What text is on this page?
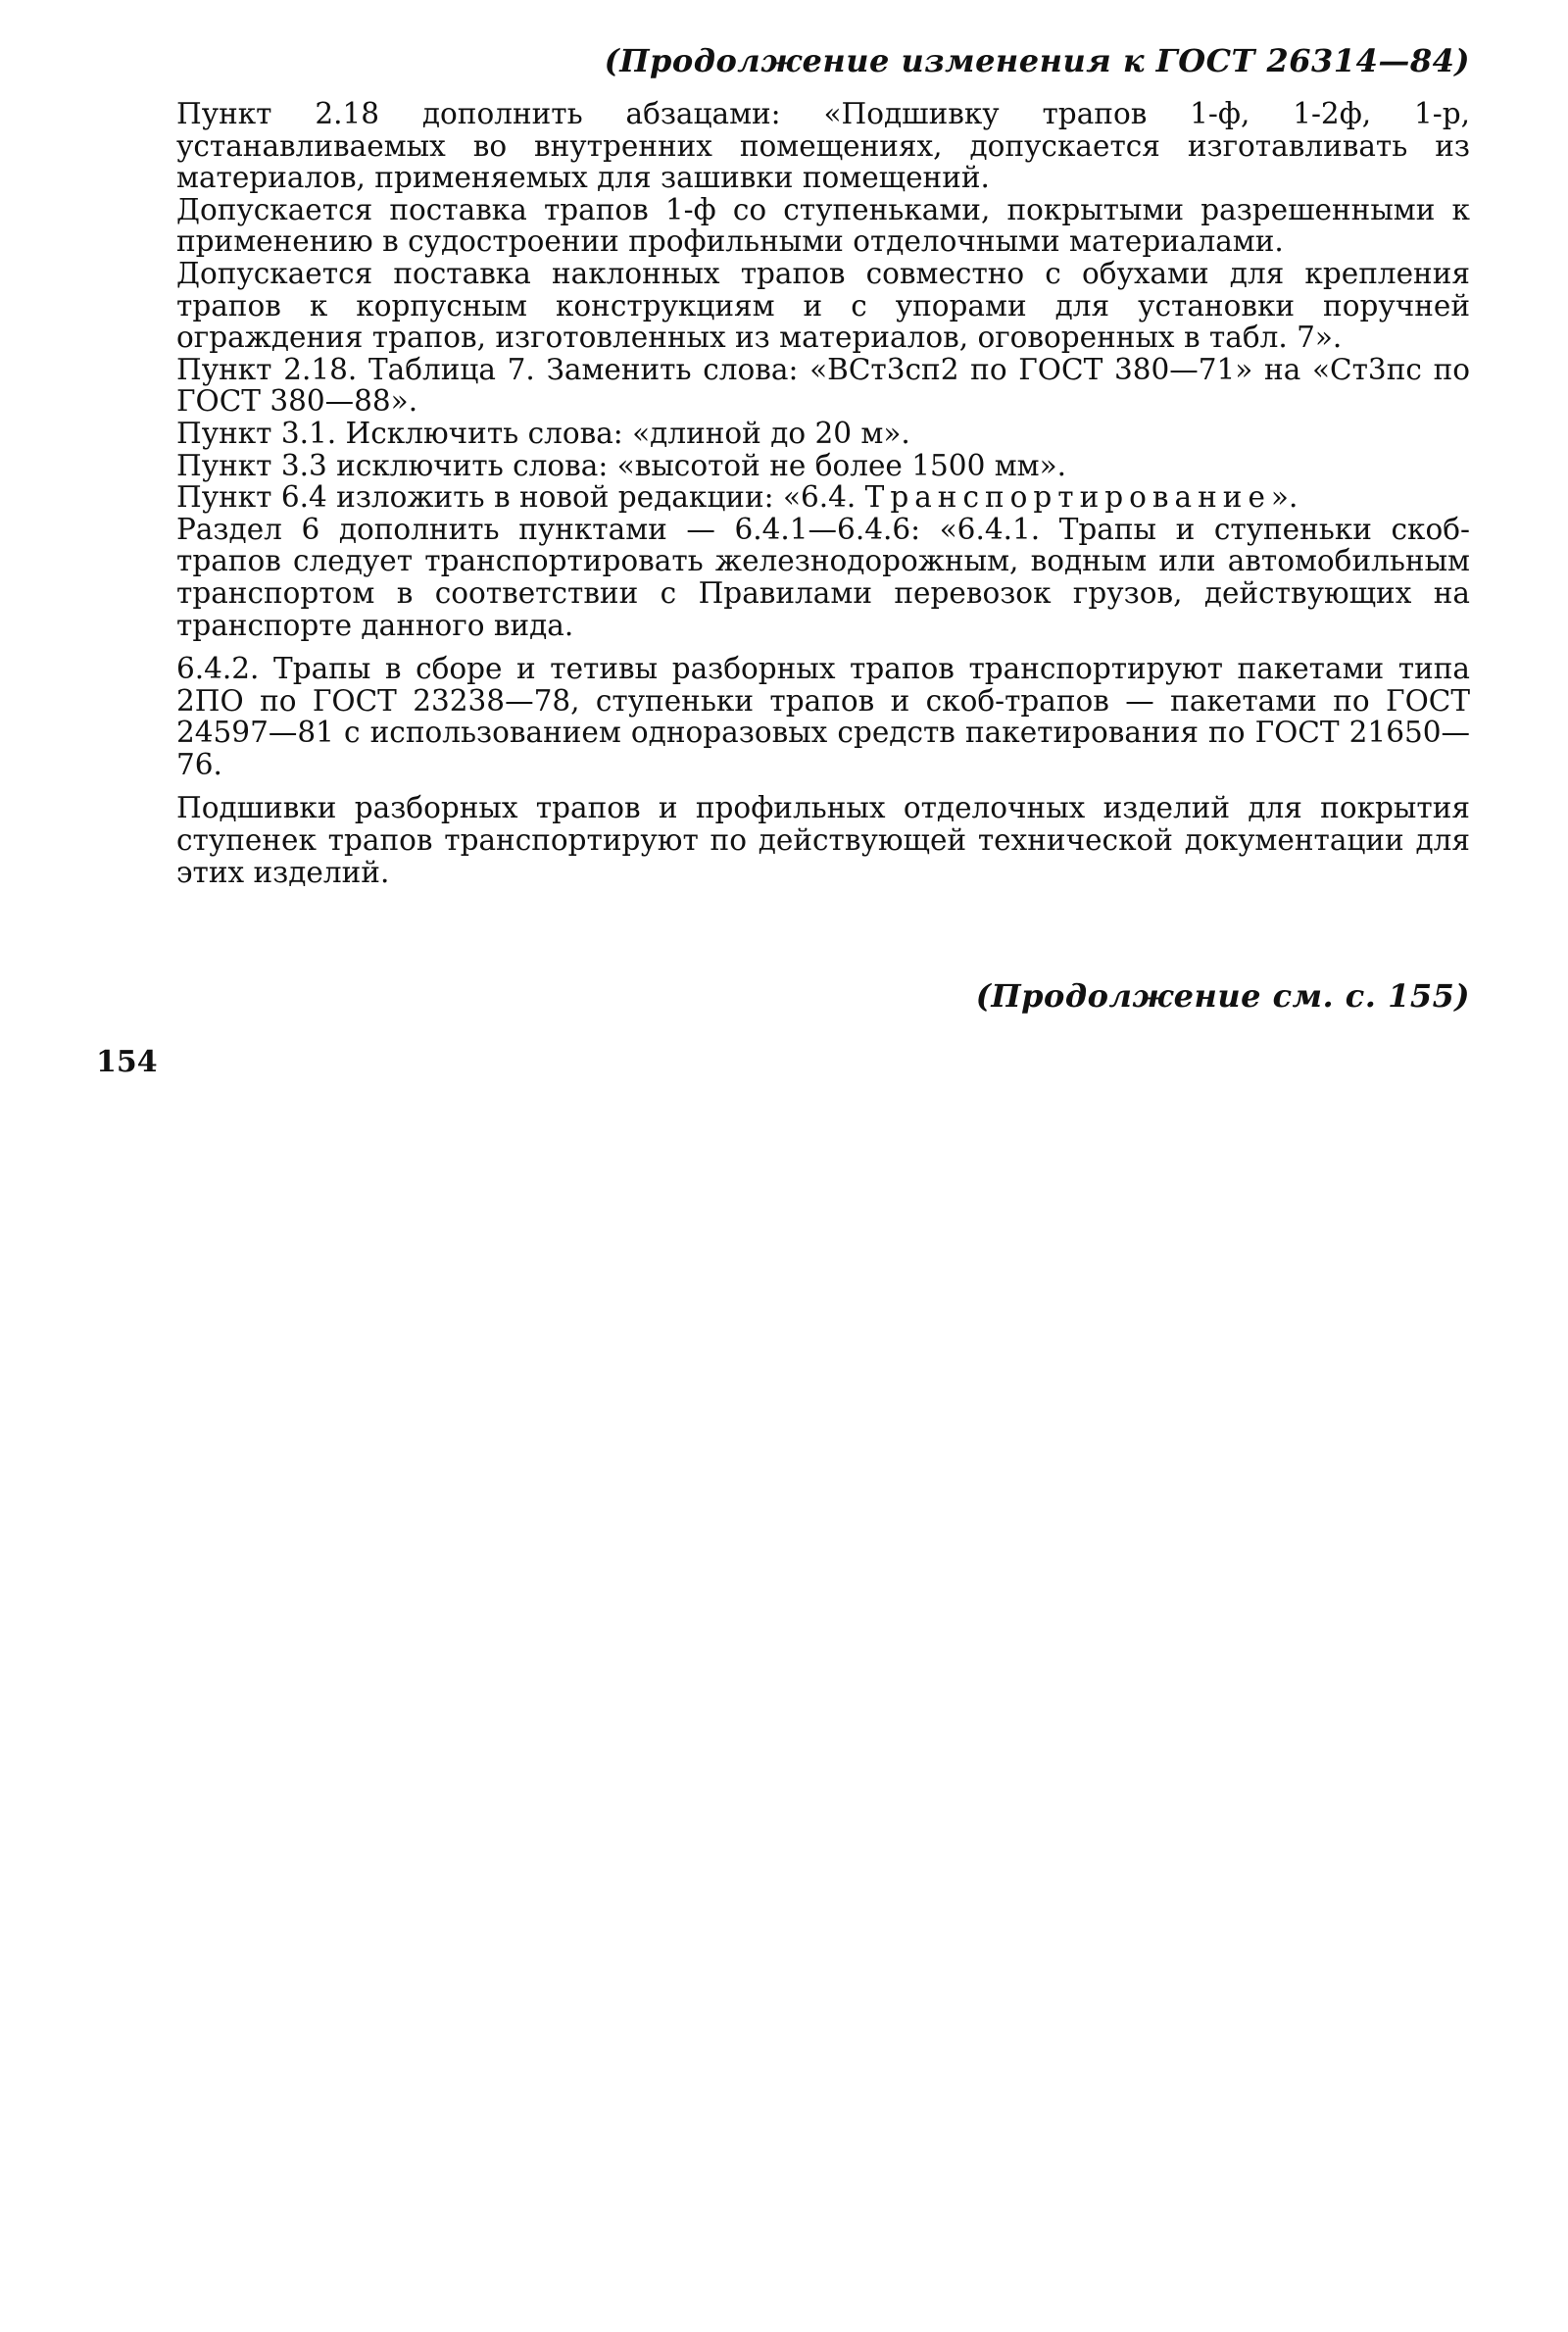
(Продолжение изменения к ГОСТ 26314—84)

Пункт 2.18 дополнить абзацами: «Подшивку трапов 1-ф, 1-2ф, 1-р, устанавливаемых во внутренних помещениях, допускается изготавливать из материалов, применяемых для зашивки помещений.

Допускается поставка трапов 1-ф со ступеньками, покрытыми разрешенными к применению в судостроении профильными отделочными материалами.

Допускается поставка наклонных трапов совместно с обухами для крепления трапов к корпусным конструкциям и с упорами для установки поручней ограждения трапов, изготовленных из материалов, оговоренных в табл. 7».

Пункт 2.18. Таблица 7. Заменить слова: «ВСт3сп2 по ГОСТ 380—71» на «Ст3пс по ГОСТ 380—88».

Пункт 3.1. Исключить слова: «длиной до 20 м».

Пункт 3.3 исключить слова: «высотой не более 1500 мм».

Пункт 6.4 изложить в новой редакции: «6.4. Транспортирование».

Раздел 6 дополнить пунктами — 6.4.1—6.4.6: «6.4.1. Трапы и ступеньки скоб-трапов следует транспортировать железнодорожным, водным или автомобильным транспортом в соответствии с Правилами перевозок грузов, действующих на транспорте данного вида.

6.4.2. Трапы в сборе и тетивы разборных трапов транспортируют пакетами типа 2ПО по ГОСТ 23238—78, ступеньки трапов и скоб-трапов — пакетами по ГОСТ 24597—81 с использованием одноразовых средств пакетирования по ГОСТ 21650—76.

Подшивки разборных трапов и профильных отделочных изделий для покрытия ступенек трапов транспортируют по действующей технической документации для этих изделий.

(Продолжение см. с. 155)
154
